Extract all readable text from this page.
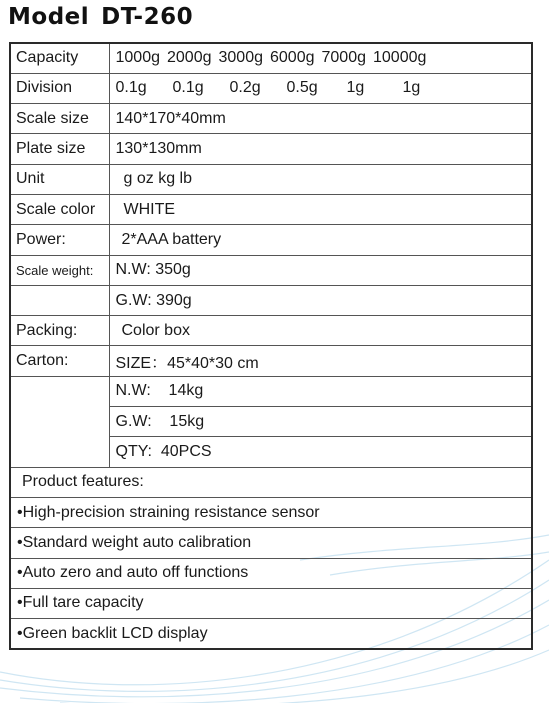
Model DT-260
Capacity	1000g 2000g 3000g 6000g 7000g 10000g
Division	0.1g 0.1g 0.2g 0.5g 1g 1g
Scale size	140*170*40mm
Plate size	130*130mm
Unit	g oz kg lb
Scale color	WHITE
Power:	2*AAA battery
Scale weight:	N.W: 350g
	G.W: 390g
Packing:	Color box
Carton:	SIZE：45*40*30 cm
	N.W:    14kg
	G.W:    15kg
	QTY:  40PCS
Product features:	
•High-precision straining resistance sensor	
•Standard weight auto calibration	
•Auto zero and auto off functions	
•Full tare capacity	
•Green backlit LCD display	
